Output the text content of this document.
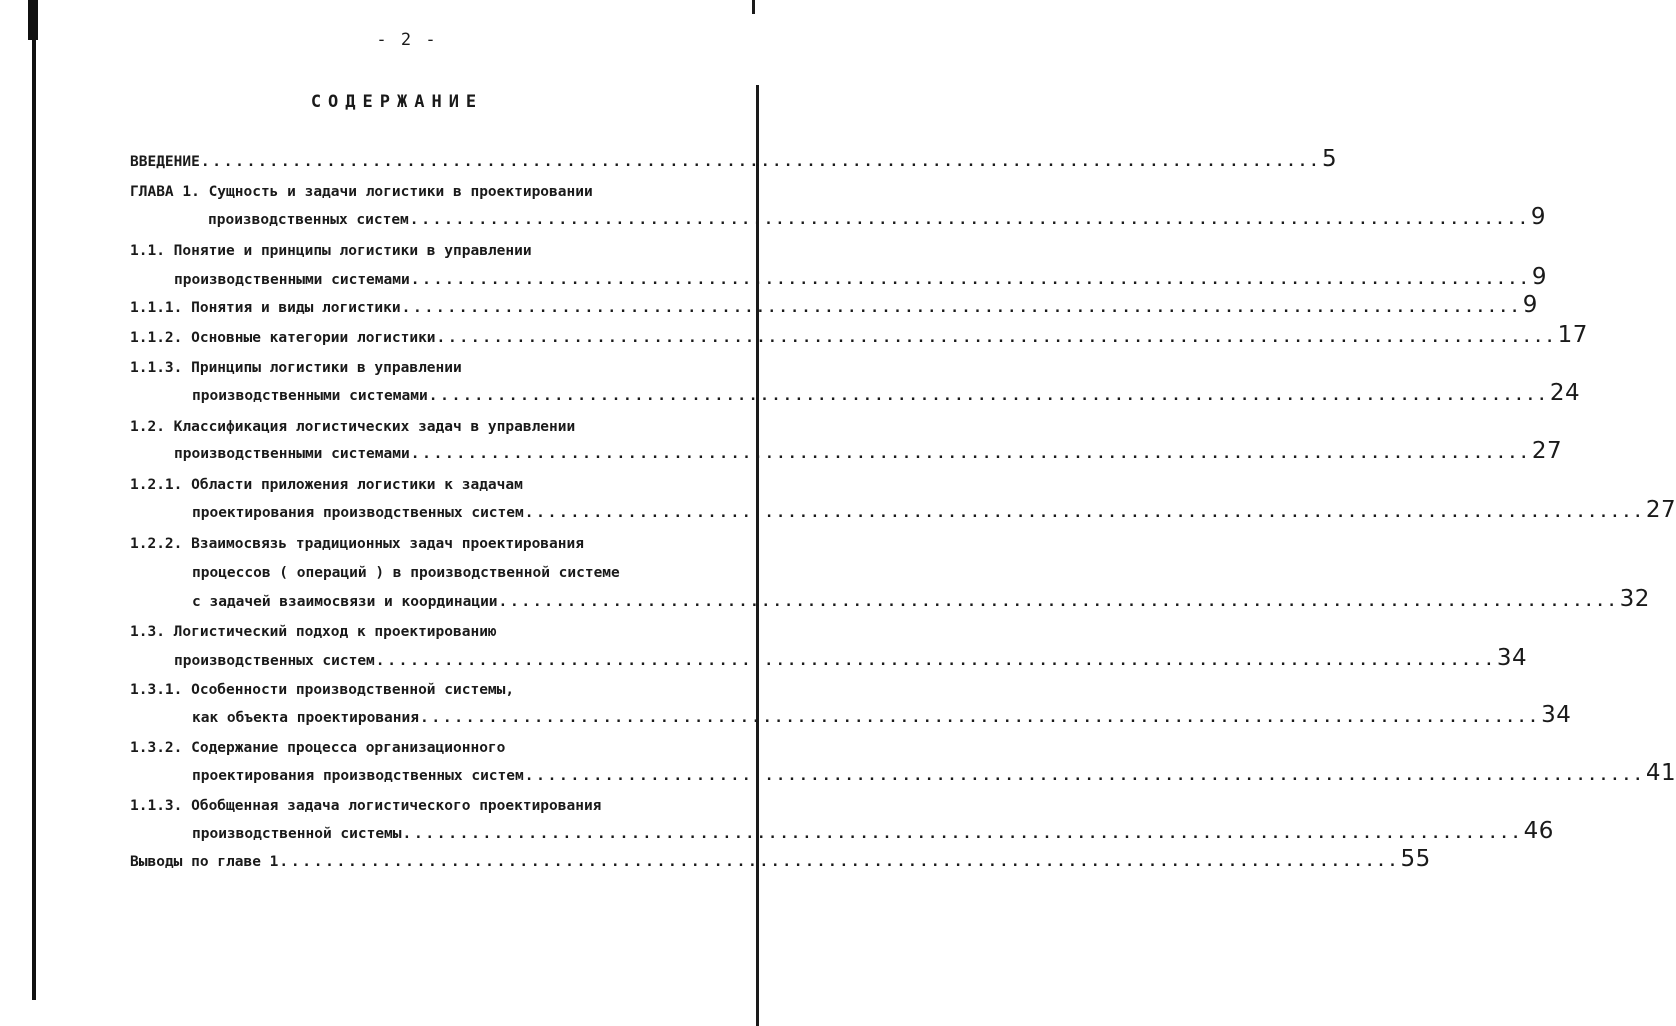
- 2 -
СОДЕРЖАНИЕ
ВВЕДЕНИЕ .................................................................................................. 5
ГЛАВА 1. Сущность и задачи логистики в проектировании
производственных систем .................................................................................................. 9
1.1. Понятие и принципы логистики в управлении
производственными системами .................................................................................................. 9
1.1.1. Понятия и виды логистики .................................................................................................. 9
1.1.2. Основные категории логистики .................................................................................................. 17
1.1.3. Принципы логистики в управлении
производственными системами .................................................................................................. 24
1.2. Классификация логистических задач в управлении
производственными системами .................................................................................................. 27
1.2.1. Области приложения логистики к задачам
проектирования производственных систем .................................................................................................. 27
1.2.2. Взаимосвязь традиционных задач проектирования
процессов ( операций ) в производственной системе
с задачей взаимосвязи и координации .................................................................................................. 32
1.3. Логистический подход к проектированию
производственных систем .................................................................................................. 34
1.3.1. Особенности производственной системы,
как объекта проектирования .................................................................................................. 34
1.3.2. Содержание процесса организационного
проектирования производственных систем .................................................................................................. 41
1.1.3. Обобщенная задача логистического проектирования
производственной системы .................................................................................................. 46
Выводы по главе 1 .................................................................................................. 55
